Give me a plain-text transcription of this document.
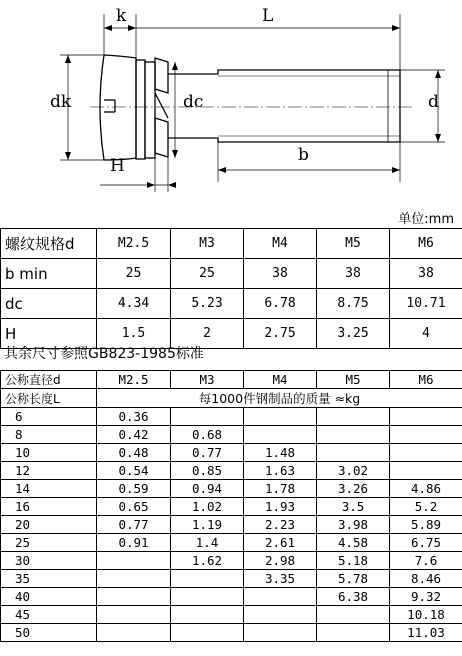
k	L
dk	dc	d
H
b
单位:mm
螺纹规格d	M2.5	M3	M4	M5	M6
b min	25	25	38	38	38
dc	4.34	5.23	6.78	8.75	10.71
H	1.5	2	2.75	3.25	4
其余尺寸参照GB823-1985标准
公称直径d	M2.5	M3	M4	M5	M6
公称长度L	每1000件钢制品的质量 ≈kg				
6	0.36				
8	0.42	0.68			
10	0.48	0.77	1.48		
12	0.54	0.85	1.63	3.02	
14	0.59	0.94	1.78	3.26	4.86
16	0.65	1.02	1.93	3.5	5.2
20	0.77	1.19	2.23	3.98	5.89
25	0.91	1.4	2.61	4.58	6.75
30		1.62	2.98	5.18	7.6
35			3.35	5.78	8.46
40				6.38	9.32
45					10.18
50					11.03
